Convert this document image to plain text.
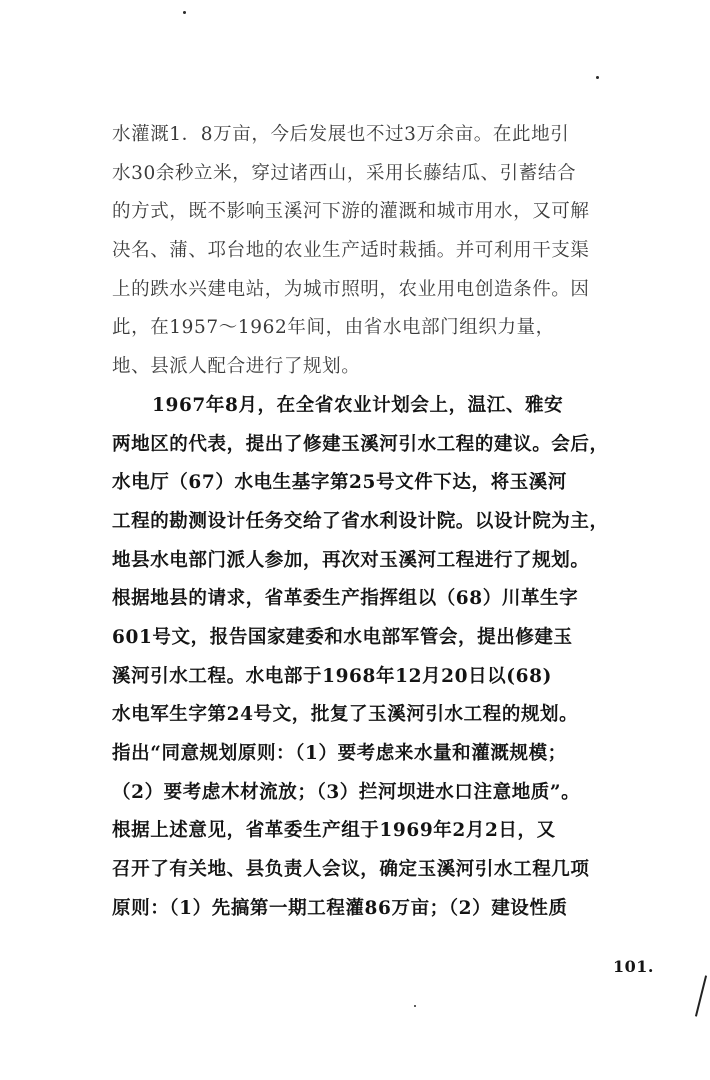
水灌溉1．8万亩，今后发展也不过3万余亩。在此地引
水30余秒立米，穿过诸西山，采用长藤结瓜、引蓄结合
的方式，既不影响玉溪河下游的灌溉和城市用水，又可解
决名、蒲、邛台地的农业生产适时栽插。并可利用干支渠
上的跌水兴建电站，为城市照明，农业用电创造条件。因
此，在1957～1962年间，由省水电部门组织力量，
地、县派人配合进行了规划。
1967年8月，在全省农业计划会上，温江、雅安
两地区的代表，提出了修建玉溪河引水工程的建议。会后，
水电厅（67）水电生基字第25号文件下达，将玉溪河
工程的勘测设计任务交给了省水利设计院。以设计院为主，
地县水电部门派人参加，再次对玉溪河工程进行了规划。
根据地县的请求，省革委生产指挥组以（68）川革生字
601号文，报告国家建委和水电部军管会，提出修建玉
溪河引水工程。水电部于1968年12月20日以(68)
水电军生字第24号文，批复了玉溪河引水工程的规划。
指出“同意规划原则：（1）要考虑来水量和灌溉规模；
（2）要考虑木材流放；（3）拦河坝进水口注意地质”。
根据上述意见，省革委生产组于1969年2月2日，又
召开了有关地、县负责人会议，确定玉溪河引水工程几项
原则：（1）先搞第一期工程灌86万亩；（2）建设性质
101.
